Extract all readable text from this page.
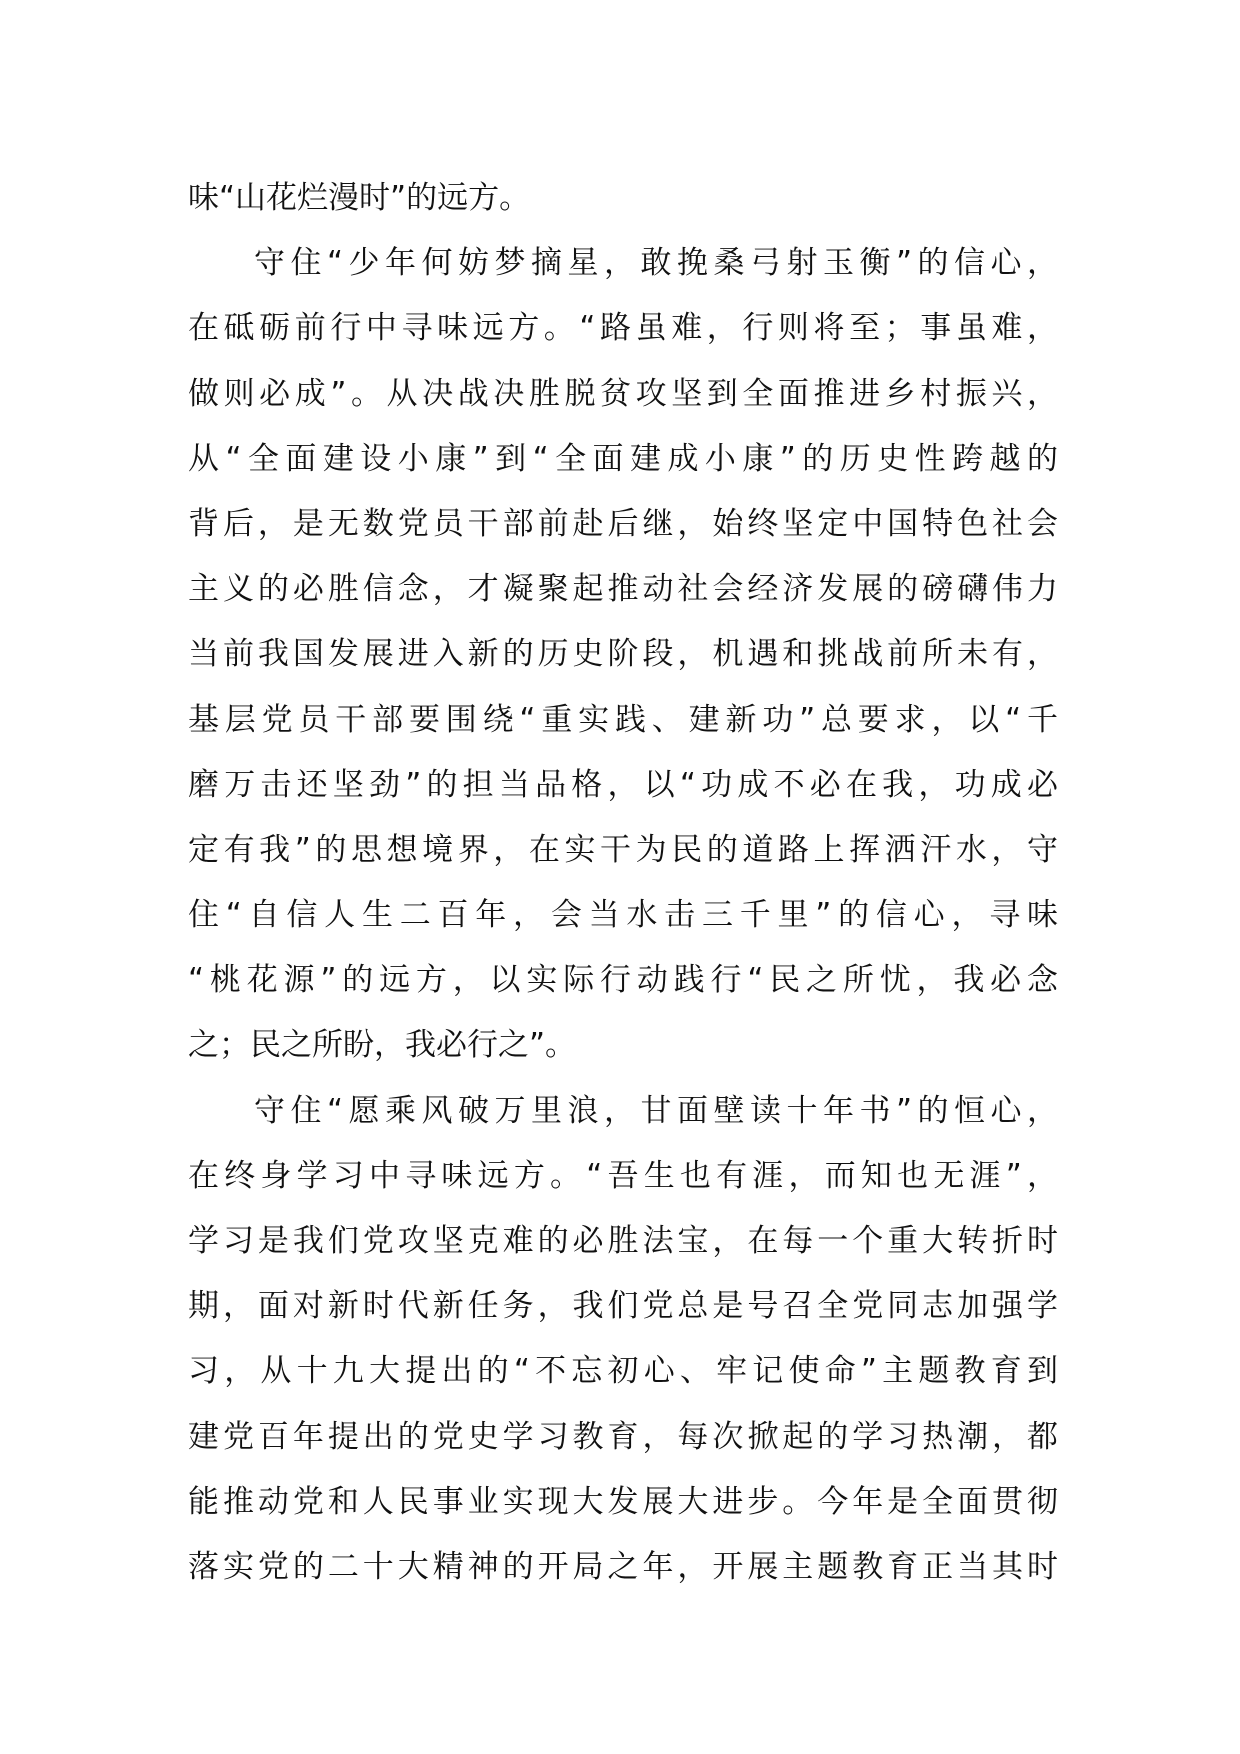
味“山花烂漫时”的远方。
守住“少年何妨梦摘星，敢挽桑弓射玉衡”的信心，
在砥砺前行中寻味远方。“路虽难，行则将至；事虽难，
做则必成”。从决战决胜脱贫攻坚到全面推进乡村振兴，
从“全面建设小康”到“全面建成小康”的历史性跨越的
背后，是无数党员干部前赴后继，始终坚定中国特色社会
主义的必胜信念，才凝聚起推动社会经济发展的磅礴伟力
当前我国发展进入新的历史阶段，机遇和挑战前所未有，
基层党员干部要围绕“重实践、建新功”总要求，以“千
磨万击还坚劲”的担当品格，以“功成不必在我，功成必
定有我”的思想境界，在实干为民的道路上挥洒汗水，守
住“自信人生二百年，会当水击三千里”的信心，寻味
“桃花源”的远方，以实际行动践行“民之所忧，我必念
之；民之所盼，我必行之”。
守住“愿乘风破万里浪，甘面壁读十年书”的恒心，
在终身学习中寻味远方。“吾生也有涯，而知也无涯”，
学习是我们党攻坚克难的必胜法宝，在每一个重大转折时
期，面对新时代新任务，我们党总是号召全党同志加强学
习，从十九大提出的“不忘初心、牢记使命”主题教育到
建党百年提出的党史学习教育，每次掀起的学习热潮，都
能推动党和人民事业实现大发展大进步。今年是全面贯彻
落实党的二十大精神的开局之年，开展主题教育正当其时
